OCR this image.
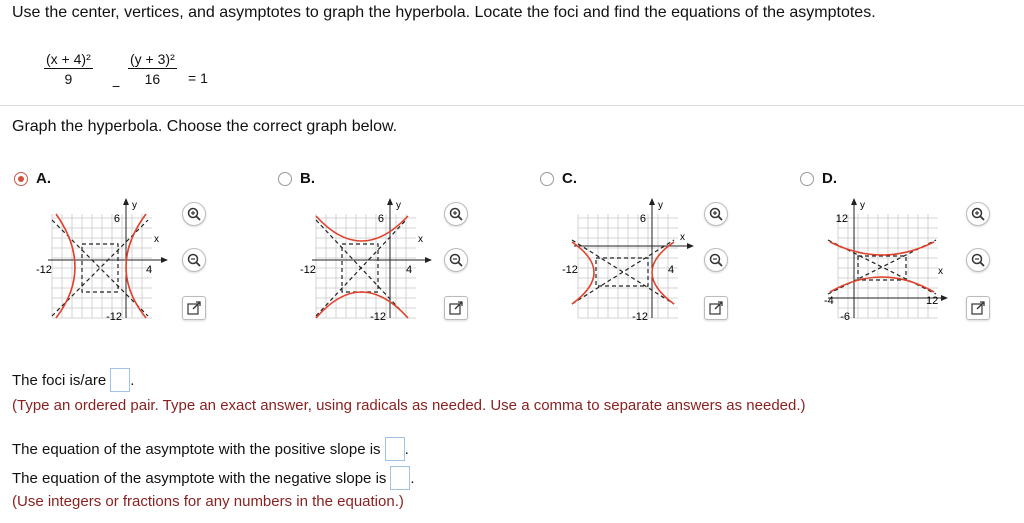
Use the center, vertices, and asymptotes to graph the hyperbola. Locate the foci and find the equations of the asymptotes.
$\frac{\text{(x + 4)²}}{9} - \frac{\text{(y + 3)²}}{16} = 1$
Graph the hyperbola. Choose the correct graph below.
A.	B.	C.	D.
6
-12
-12	4
x
y
6
-12
-12	4
x
y
6
-12
-12	4
x
y
12
-6
-4	12
x
y
The foci is/are .
(Type an ordered pair. Type an exact answer, using radicals as needed. Use a comma to separate answers as needed.)
The equation of the asymptote with the positive slope is .
The equation of the asymptote with the negative slope is .
(Use integers or fractions for any numbers in the equation.)
